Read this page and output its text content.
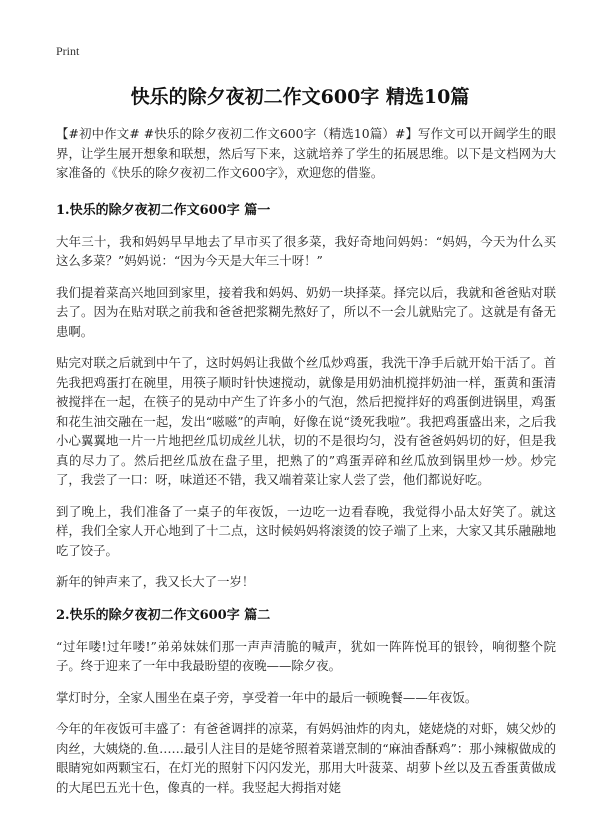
Print
快乐的除夕夜初二作文600字 精选10篇

【#初中作文# #快乐的除夕夜初二作文600字（精选10篇）#】写作文可以开阔学生的眼界，让学生展开想象和联想，然后写下来，这就培养了学生的拓展思维。以下是文档网为大家准备的《快乐的除夕夜初二作文600字》，欢迎您的借鉴。

1.快乐的除夕夜初二作文600字 篇一

大年三十，我和妈妈早早地去了早市买了很多菜，我好奇地问妈妈：“妈妈，今天为什么买这么多菜？”妈妈说：“因为今天是大年三十呀！”

我们提着菜高兴地回到家里，接着我和妈妈、奶奶一块择菜。择完以后，我就和爸爸贴对联去了。因为在贴对联之前我和爸爸把浆糊先熬好了，所以不一会儿就贴完了。这就是有备无患啊。

贴完对联之后就到中午了，这时妈妈让我做个丝瓜炒鸡蛋，我洗干净手后就开始干活了。首先我把鸡蛋打在碗里，用筷子顺时针快速搅动，就像是用奶油机搅拌奶油一样，蛋黄和蛋清被搅拌在一起，在筷子的晃动中产生了许多小的气泡，然后把搅拌好的鸡蛋倒进锅里，鸡蛋和花生油交融在一起，发出“嗞嗞”的声响，好像在说“烫死我啦”。我把鸡蛋盛出来，之后我小心翼翼地一片一片地把丝瓜切成丝儿状，切的不是很均匀，没有爸爸妈妈切的好，但是我真的尽力了。然后把丝瓜放在盘子里，把熟了的”鸡蛋弄碎和丝瓜放到锅里炒一炒。炒完了，我尝了一口：呀，味道还不错，我又端着菜让家人尝了尝，他们都说好吃。

到了晚上，我们准备了一桌子的年夜饭，一边吃一边看春晚，我觉得小品太好笑了。就这样，我们全家人开心地到了十二点，这时候妈妈将滚烫的饺子端了上来，大家又其乐融融地吃了饺子。

新年的钟声来了，我又长大了一岁！

2.快乐的除夕夜初二作文600字 篇二

“过年喽!过年喽!”弟弟妹妹们那一声声清脆的喊声，犹如一阵阵悦耳的银铃，响彻整个院子。终于迎来了一年中我最盼望的夜晚——除夕夜。

掌灯时分，全家人围坐在桌子旁，享受着一年中的最后一顿晚餐——年夜饭。

今年的年夜饭可丰盛了：有爸爸调拌的凉菜，有妈妈油炸的肉丸，姥姥烧的对虾，姨父炒的肉丝，大姨烧的.鱼……最引人注目的是姥爷照着菜谱烹制的“麻油香酥鸡”：那小辣椒做成的眼睛宛如两颗宝石，在灯光的照射下闪闪发光，那用大叶菠菜、胡萝卜丝以及五香蛋黄做成的大尾巴五光十色，像真的一样。我竖起大拇指对姥
